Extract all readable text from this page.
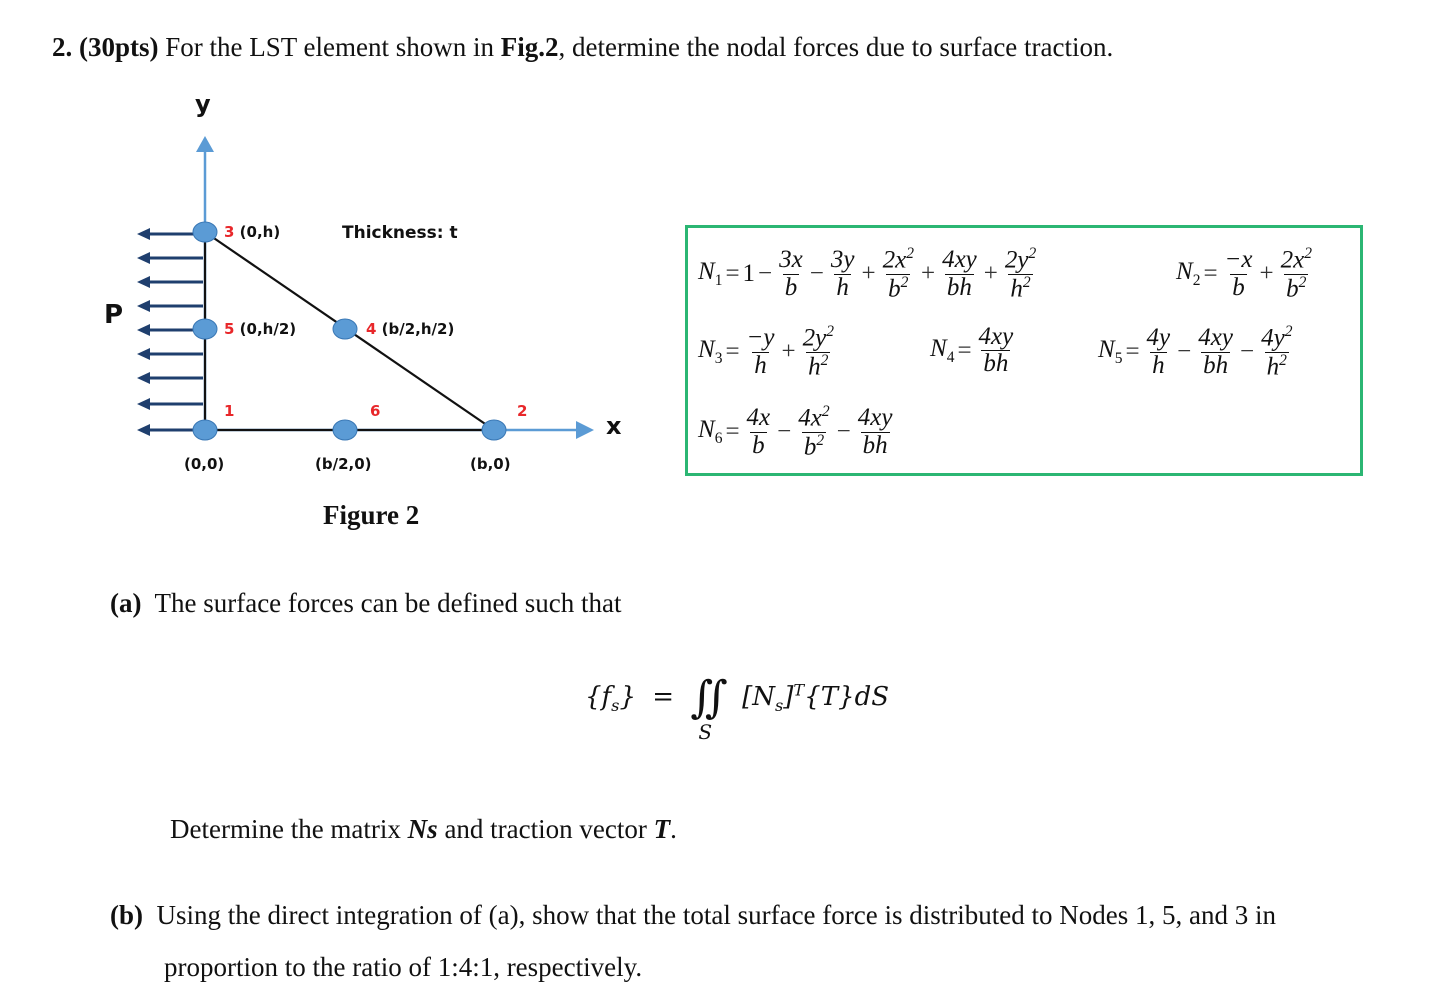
2. (30pts) For the LST element shown in Fig.2, determine the nodal forces due to surface traction.
y
x
P
Thickness: t
3 (0,h)
5 (0,h/2)	4 (b/2,h/2)
1	6	2
(0,0)	(b/2,0)	(b,0)
Figure 2
$N_1 = 1 - \frac{3x}{b} - \frac{3y}{h} + \frac{2x^2}{b^2} + \frac{4xy}{bh} + \frac{2y^2}{h^2}$	$N_2 = \frac{-x}{b} + \frac{2x^2}{b^2}$
$N_3 = \frac{-y}{h} + \frac{2y^2}{h^2}$	$N_4 = \frac{4xy}{bh}$	$N_5 = \frac{4y}{h} - \frac{4xy}{bh} - \frac{4y^2}{h^2}$
$N_6 = \frac{4x}{b} - \frac{4x^2}{b^2} - \frac{4xy}{bh}$
(a) The surface forces can be defined such that
$\{f_s\}$ = ∬
S
$[N_s]^T\{T\}dS$
Determine the matrix Ns and traction vector T.
(b) Using the direct integration of (a), show that the total surface force is distributed to Nodes 1, 5, and 3 in
proportion to the ratio of 1:4:1, respectively.
